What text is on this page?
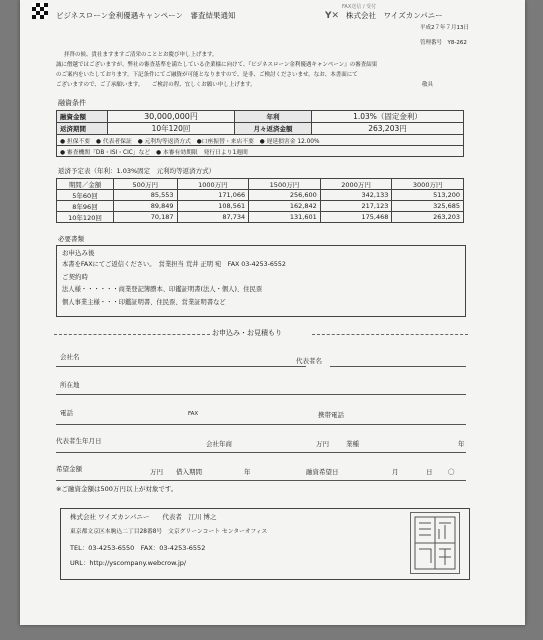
ビジネスローン金利優遇キャンペーン　審査結果通知
FAX送信 / 受付
Y✕ 株式会社　ワイズカンパニー
平成2７年７月13日
管理番号　Y8-262
拝啓の候、貴社ますますご清栄のこととお慶び申し上げます。
誠に僭越ではございますが、弊社の審査基準を満たしている企業様に向けて、『ビジネスローン金利優遇キャンペーン』の審査結果
のご案内をいたしております。下記条件にてご融資が可能となりますので、是非、ご検討くださいませ。なお、本書面にて
ございますので、ご了承願います。　　ご検討の程、宜しくお願い申し上げます。	敬具
融資条件
融資金額	30,000,000円	年利	1.03%（固定金利）
返済期間	10年120回	月々返済金額	263,203円
● 担保不要　● 代表者保証　● 元利均等返済方式　●口座振替・来店不要　● 遅延損害金 12.00%			
● 審査機関「DB・ISI・CIC」など　● 本審有効期限　発行日より1週間			
返済予定表（年利：1.03%固定　元利均等返済方式）
期間／金額	500万円	1000万円	1500万円	2000万円	3000万円
5年60回	85,553	171,066	256,600	342,133	513,200
8年96回	89,849	108,561	162,842	217,123	325,685
10年120回	70,187	87,734	131,601	175,468	263,203
必要書類
お申込み後
本書をFAXにてご返信ください。　営業担当 荒井 正明 宛　FAX 03-4253-6552
ご契約時
法人様・・・・・・商業登記簿謄本、印鑑証明書(法人・個人)、住民票
個人事業主様・・・印鑑証明書、住民票、営業証明書など
お申込み・お見積もり
会社名	代表者名
所在地
電話	FAX	携帯電話
代表者生年月日	会社年商	万円	業種	年
希望金額	万円 借入期間	年	融資希望日	月	日 〇
※ご融資金額は500万円以上が対象です。
株式会社 ワイズカンパニー　　代表者　江川 博之
東京都文京区本駒込二丁目28番8号　文京グリーンコート センターオフィス
TEL：03-4253-6550　FAX：03-4253-6552
URL：http://yscompany.webcrow.jp/
